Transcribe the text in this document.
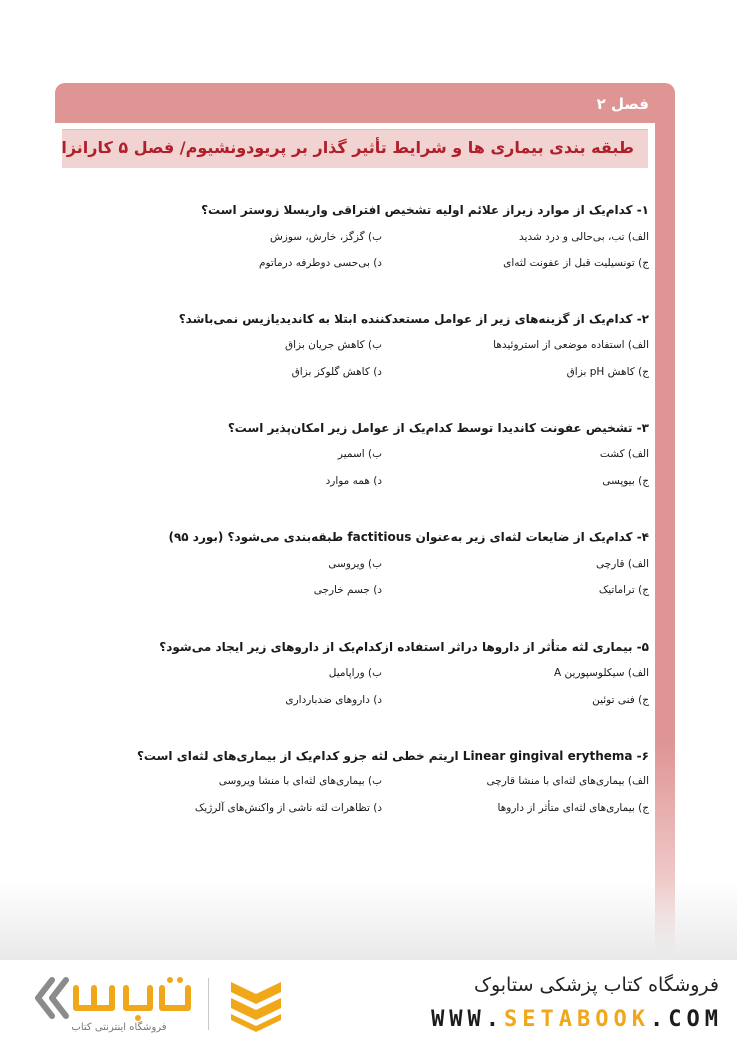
فصل ۲
طبقه بندی بیماری ها و شرایط تأثیر گذار بر پریودونشیوم/ فصل ۵ کارانزا
۱- کدام‌یک از موارد زیراز علائم اولیه تشخیص افتراقی واریسلا زوستر است؟
الف) تب، بی‌حالی و درد شدید
ب) گزگز، خارش، سوزش
ج) تونسیلیت قبل از عفونت لثه‌ای
د) بی‌حسی دوطرفه درماتوم
۲- کدام‌یک از گزینه‌های زیر از عوامل مستعدکننده ابتلا به کاندیدیازیس نمی‌باشد؟
الف) استفاده موضعی از استروئیدها
ب) کاهش جریان بزاق
ج) کاهش pH بزاق
د) کاهش گلوکز بزاق
۳- تشخیص عفونت کاندیدا توسط کدام‌یک از عوامل زیر امکان‌پذیر است؟
الف) کشت
ب) اسمیر
ج) بیوپسی
د) همه موارد
۴- کدام‌یک از ضایعات لثه‌ای زیر به‌عنوان factitious طبقه‌بندی می‌شود؟ (بورد ۹۵)
الف) قارچی
ب) ویروسی
ج) تراماتیک
د) جسم خارجی
۵- بیماری لثه متأثر از داروها دراثر استفاده ازکدام‌یک از داروهای زیر ایجاد می‌شود؟
الف) سیکلوسپورین A
ب) وراپامیل
ج) فنی توئین
د) داروهای ضدبارداری
۶- Linear gingival erythema اریتم خطی لثه جزو کدام‌یک از بیماری‌های لثه‌ای است؟
الف) بیماری‌های لثه‌ای با منشا قارچی
ب) بیماری‌های لثه‌ای با منشا ویروسی
ج) بیماری‌های لثه‌ای متأثر از داروها
د) تظاهرات لثه ناشی از واکنش‌های آلرژیک
فروشگاه اینترنتی کتاب
فروشگاه کتاب پزشکی ستابوک
WWW.SETABOOK.COM
